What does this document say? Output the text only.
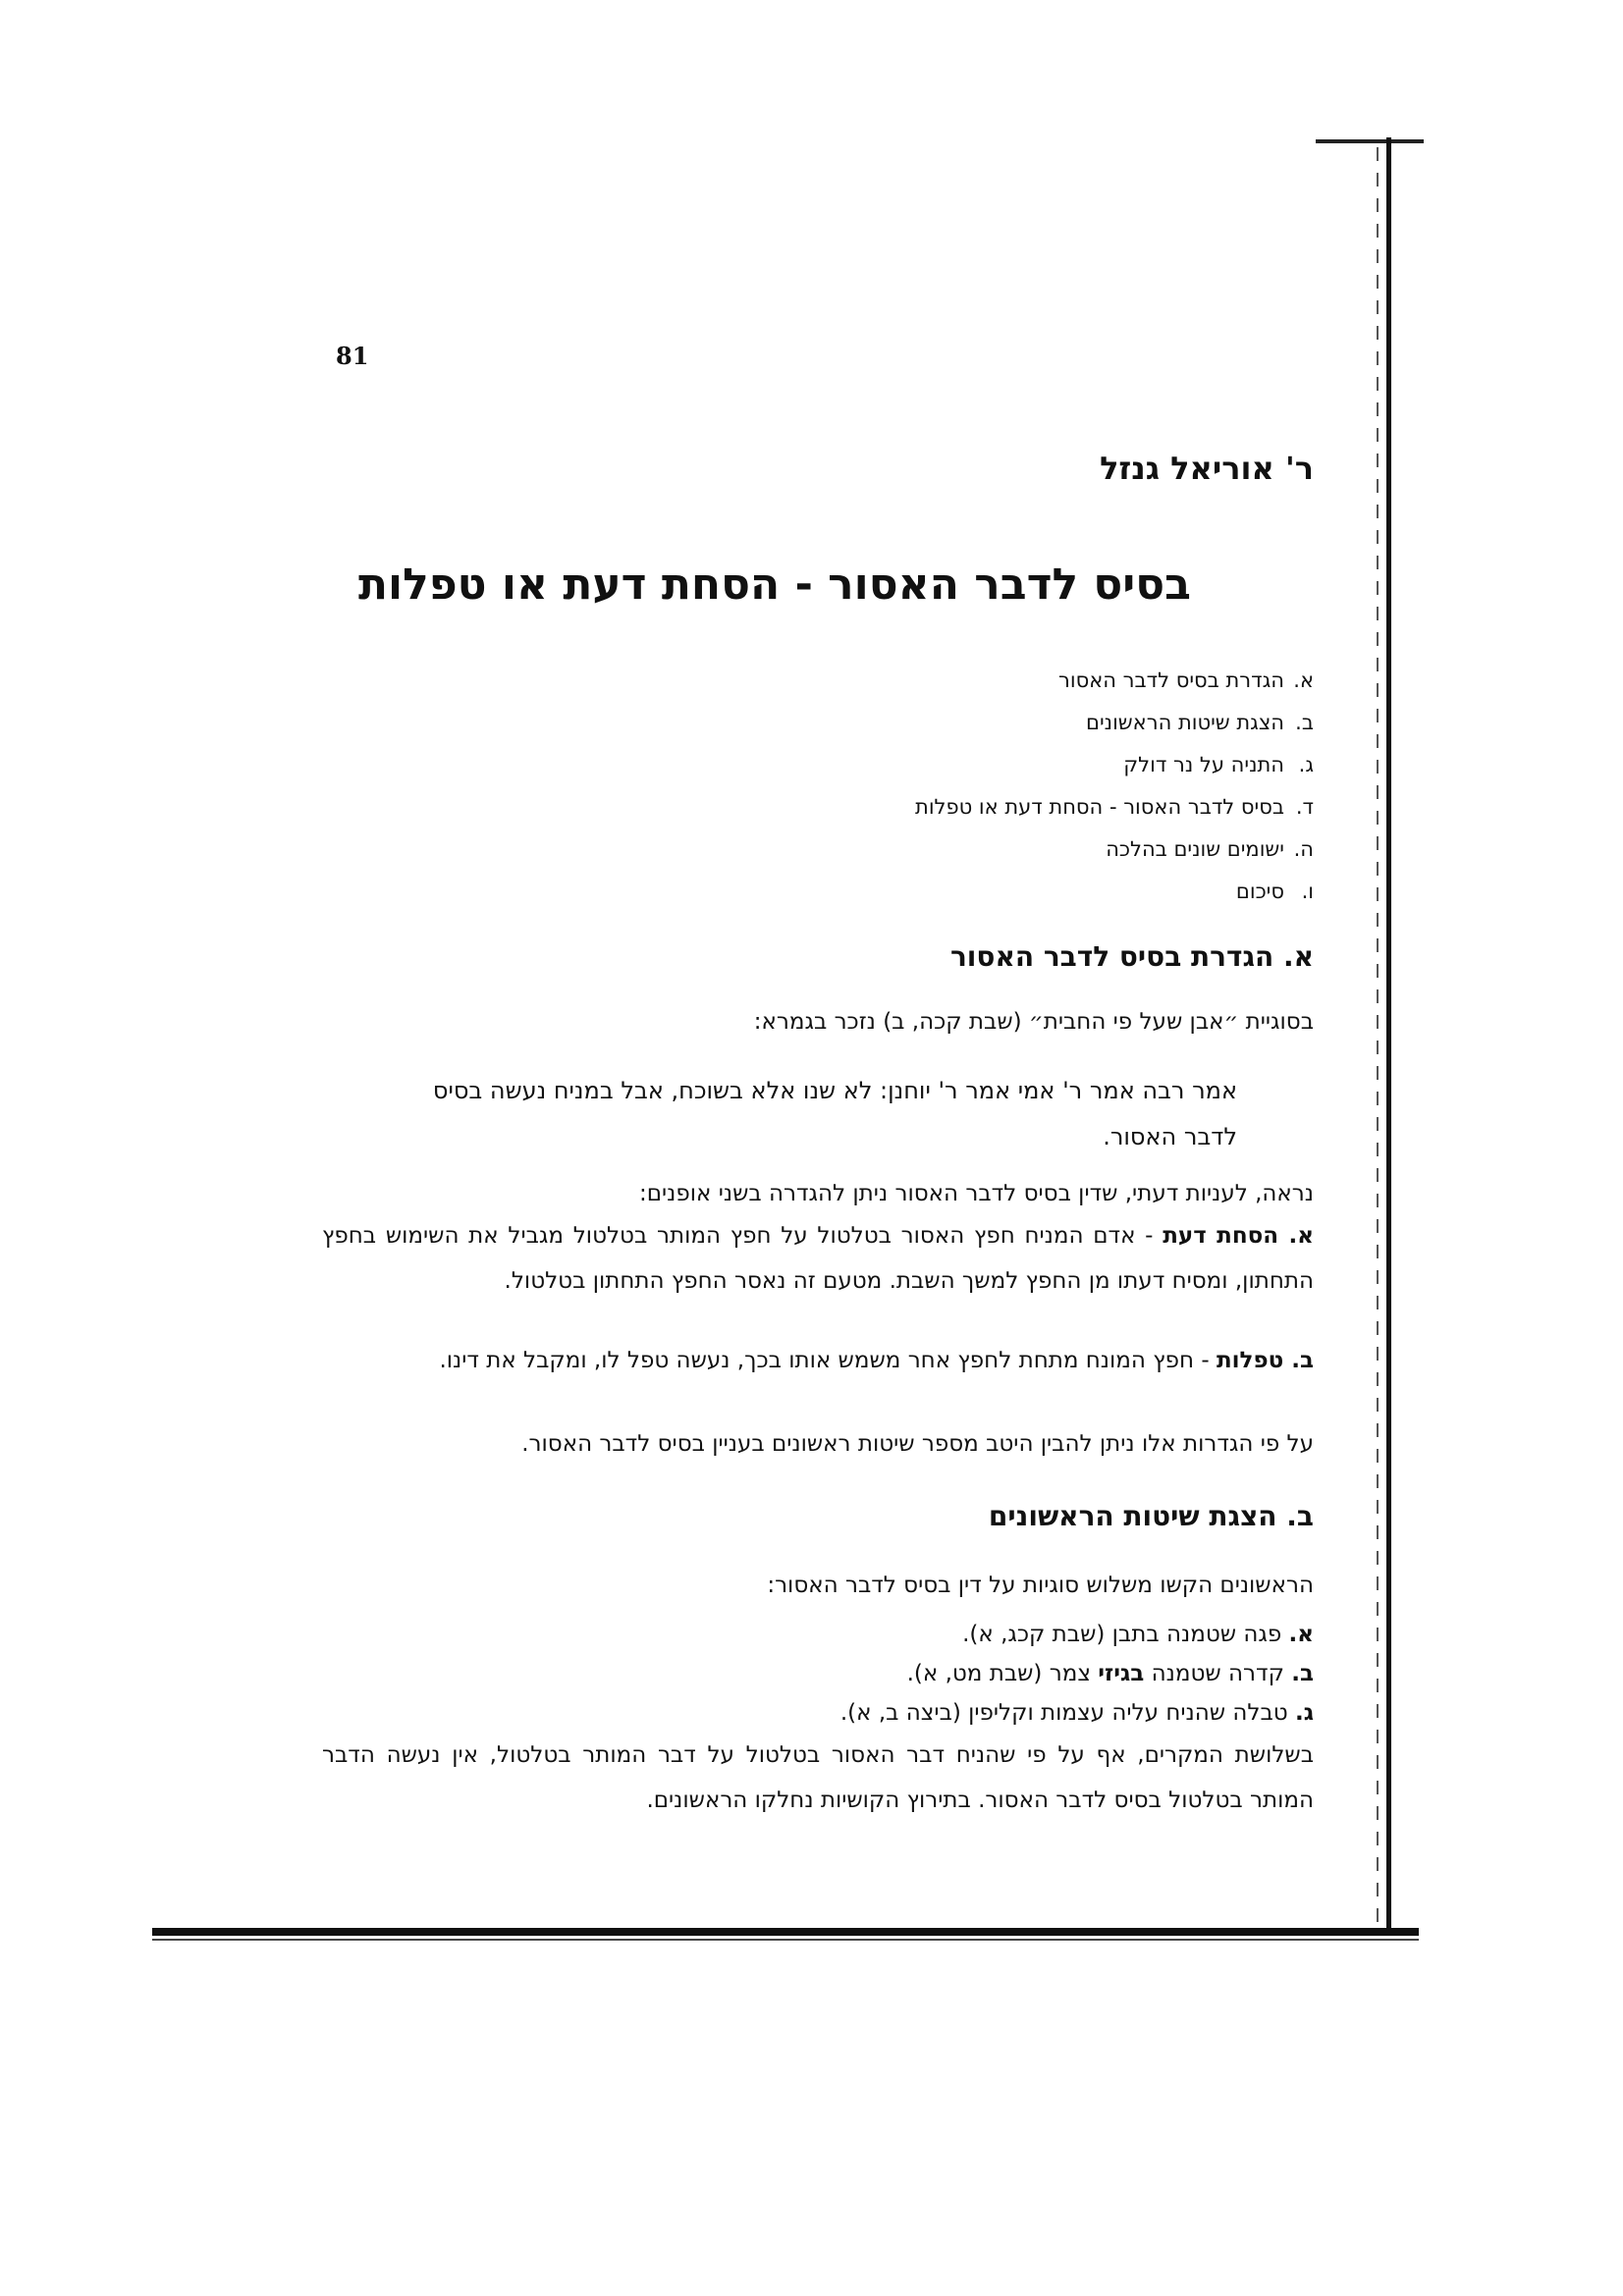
81
ר' אוריאל גנזל
בסיס לדבר האסור - הסחת דעת או טפלות
א.הגדרת בסיס לדבר האסור
ב.הצגת שיטות הראשונים
ג.התניה על נר דולק
ד.בסיס לדבר האסור - הסחת דעת או טפלות
ה.ישומים שונים בהלכה
ו.סיכום
א. הגדרת בסיס לדבר האסור
בסוגיית ״אבן שעל פי החבית״ (שבת קכה, ב) נזכר בגמרא:
אמר רבה אמר ר' אמי אמר ר' יוחנן: לא שנו אלא בשוכח, אבל במניח נעשה בסיס לדבר האסור.
נראה, לעניות דעתי, שדין בסיס לדבר האסור ניתן להגדרה בשני אופנים:
א. הסחת דעת - אדם המניח חפץ האסור בטלטול על חפץ המותר בטלטול מגביל את השימוש בחפץ התחתון, ומסיח דעתו מן החפץ למשך השבת. מטעם זה נאסר החפץ התחתון בטלטול.
ב. טפלות - חפץ המונח מתחת לחפץ אחר משמש אותו בכך, נעשה טפל לו, ומקבל את דינו.
על פי הגדרות אלו ניתן להבין היטב מספר שיטות ראשונים בעניין בסיס לדבר האסור.
ב. הצגת שיטות הראשונים
הראשונים הקשו משלוש סוגיות על דין בסיס לדבר האסור:
א. פגה שטמנה בתבן (שבת קכג, א).
ב. קדרה שטמנה בגיזי צמר (שבת מט, א).
ג. טבלה שהניח עליה עצמות וקליפין (ביצה ב, א).
בשלושת המקרים, אף על פי שהניח דבר האסור בטלטול על דבר המותר בטלטול, אין נעשה הדבר המותר בטלטול בסיס לדבר האסור. בתירוץ הקושיות נחלקו הראשונים.
